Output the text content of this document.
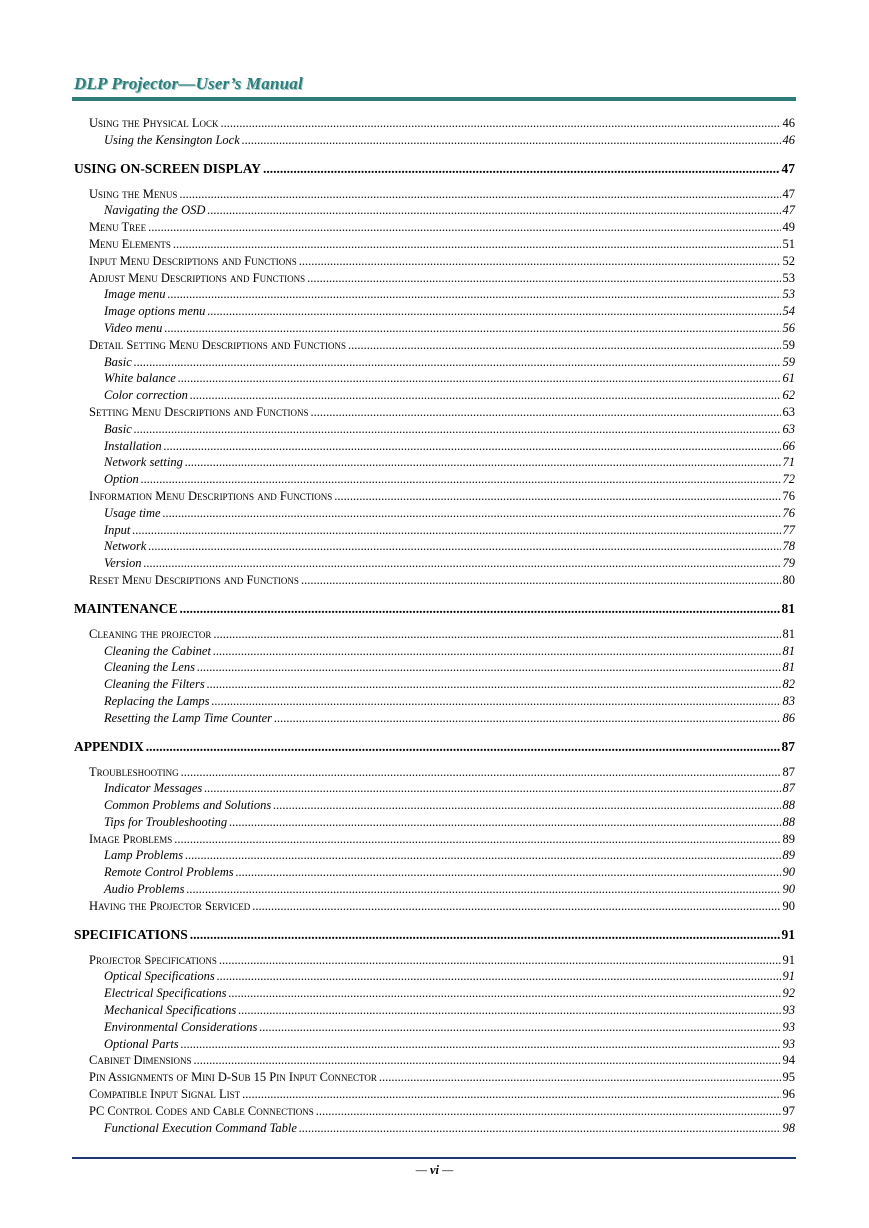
DLP Projector—User’s Manual
Using the Physical Lock .....	46
Using the Kensington Lock .....	46
USING ON-SCREEN DISPLAY .....	47
Using the Menus .....	47
Navigating the OSD .....	47
Menu Tree .....	49
Menu Elements .....	51
Input Menu Descriptions and Functions .....	52
Adjust Menu Descriptions and Functions .....	53
Image menu .....	53
Image options menu .....	54
Video menu .....	56
Detail Setting Menu Descriptions and Functions .....	59
Basic .....	59
White balance .....	61
Color correction .....	62
Setting Menu Descriptions and Functions .....	63
Basic .....	63
Installation .....	66
Network setting .....	71
Option .....	72
Information Menu Descriptions and Functions .....	76
Usage time .....	76
Input .....	77
Network .....	78
Version .....	79
Reset Menu Descriptions and Functions .....	80
MAINTENANCE .....	81
Cleaning the projector .....	81
Cleaning the Cabinet .....	81
Cleaning the Lens .....	81
Cleaning the Filters .....	82
Replacing the Lamps .....	83
Resetting the Lamp Time Counter .....	86
APPENDIX .....	87
Troubleshooting .....	87
Indicator Messages .....	87
Common Problems and Solutions .....	88
Tips for Troubleshooting .....	88
Image Problems .....	89
Lamp Problems .....	89
Remote Control Problems .....	90
Audio Problems .....	90
Having the Projector Serviced .....	90
SPECIFICATIONS .....	91
Projector Specifications .....	91
Optical Specifications .....	91
Electrical Specifications .....	92
Mechanical Specifications .....	93
Environmental Considerations .....	93
Optional Parts .....	93
Cabinet Dimensions .....	94
Pin Assignments of Mini D-Sub 15 Pin Input Connector .....	95
Compatible Input Signal List .....	96
PC Control Codes and Cable Connections .....	97
Functional Execution Command Table .....	98
— vi —
